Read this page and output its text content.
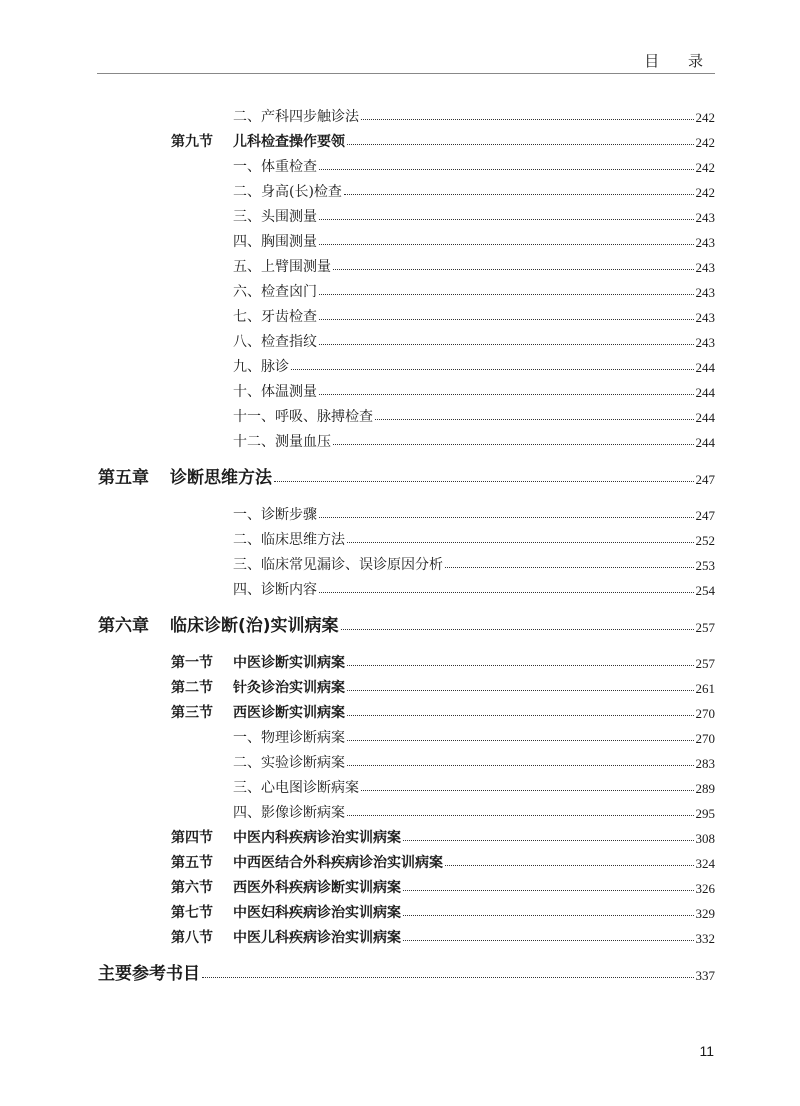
目 录
二、产科四步触诊法	242
第九节 儿科检查操作要领	242
一、体重检查	242
二、身高(长)检查	242
三、头围测量	243
四、胸围测量	243
五、上臂围测量	243
六、检查囟门	243
七、牙齿检查	243
八、检查指纹	243
九、脉诊	244
十、体温测量	244
十一、呼吸、脉搏检查	244
十二、测量血压	244
第五章 诊断思维方法	247
一、诊断步骤	247
二、临床思维方法	252
三、临床常见漏诊、误诊原因分析	253
四、诊断内容	254
第六章 临床诊断(治)实训病案	257
第一节 中医诊断实训病案	257
第二节 针灸诊治实训病案	261
第三节 西医诊断实训病案	270
一、物理诊断病案	270
二、实验诊断病案	283
三、心电图诊断病案	289
四、影像诊断病案	295
第四节 中医内科疾病诊治实训病案	308
第五节 中西医结合外科疾病诊治实训病案	324
第六节 西医外科疾病诊断实训病案	326
第七节 中医妇科疾病诊治实训病案	329
第八节 中医儿科疾病诊治实训病案	332
主要参考书目	337
11
